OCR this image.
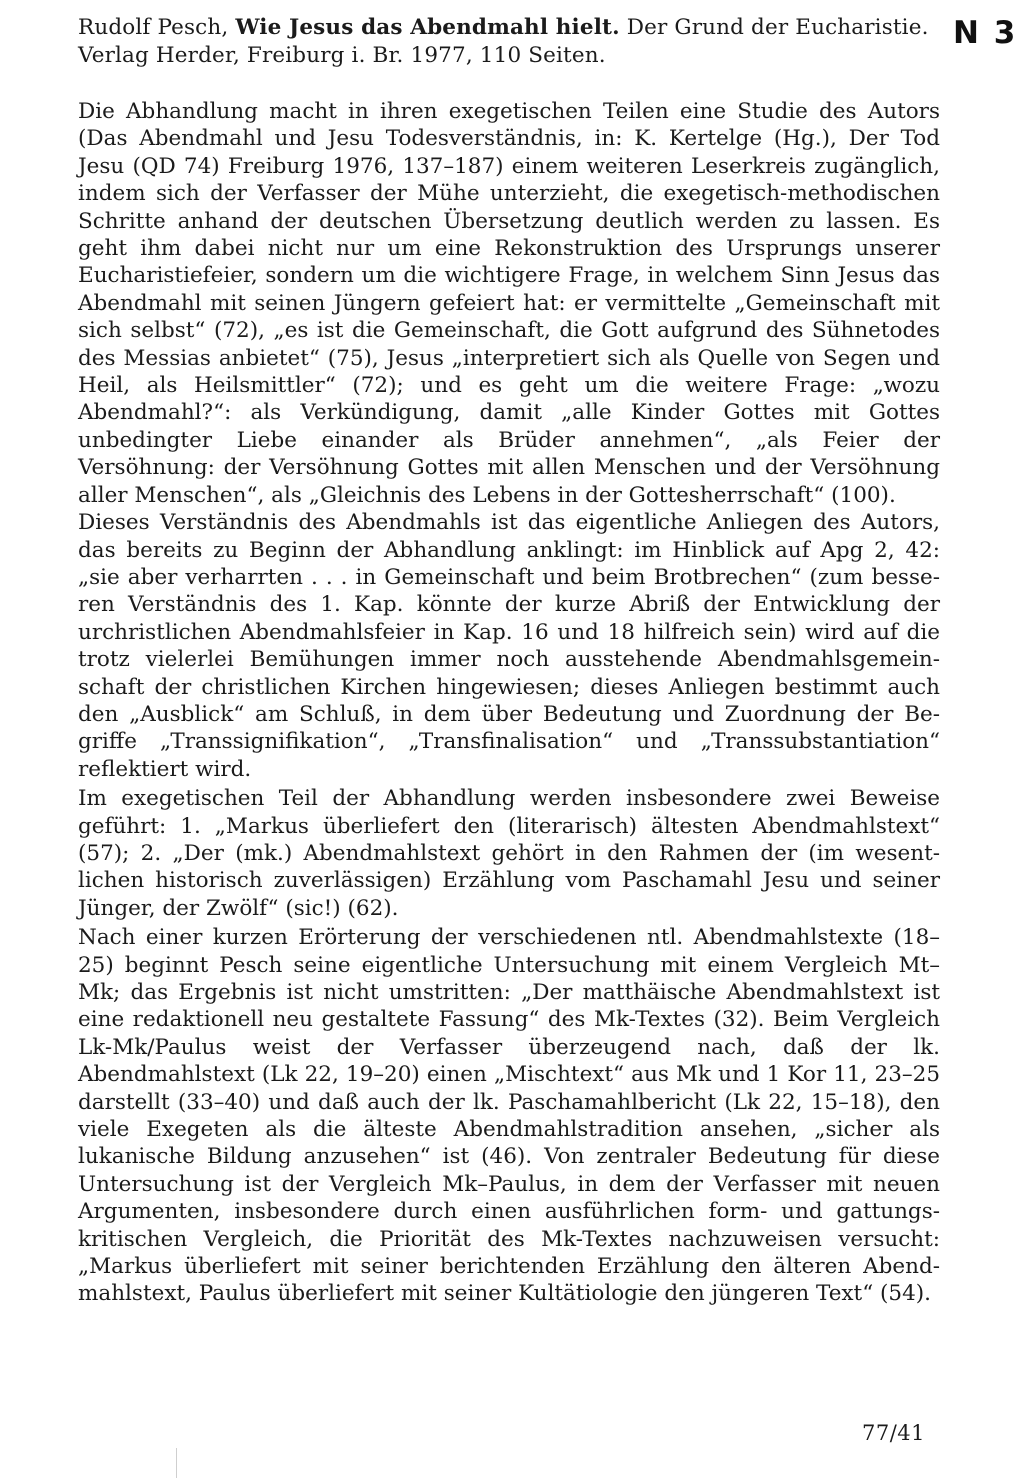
Rudolf Pesch, Wie Jesus das Abendmahl hielt. Der Grund der Eucharistie.
Verlag Herder, Freiburg i. Br. 1977, 110 Seiten.
N 3

Die Abhandlung macht in ihren exegetischen Teilen eine Studie des Autors (Das Abendmahl und Jesu Todesverständnis, in: K. Kertelge (Hg.), Der Tod Jesu (QD 74) Freiburg 1976, 137–187) einem weiteren Leserkreis zugänglich, indem sich der Verfasser der Mühe unterzieht, die exegetisch-methodischen Schritte anhand der deutschen Übersetzung deutlich werden zu lassen. Es geht ihm dabei nicht nur um eine Rekonstruktion des Ursprungs unserer Eucharistiefeier, sondern um die wichtigere Frage, in welchem Sinn Jesus das Abendmahl mit seinen Jüngern gefeiert hat: er vermittelte „Gemeinschaft mit sich selbst“ (72), „es ist die Gemeinschaft, die Gott aufgrund des Sühnetodes des Messias anbietet“ (75), Jesus „interpretiert sich als Quelle von Segen und Heil, als Heilsmittler“ (72); und es geht um die weitere Frage: „wozu Abendmahl?“: als Verkündigung, damit „alle Kinder Gottes mit Gottes unbedingter Liebe einander als Brüder annehmen“, „als Feier der Versöhnung: der Versöhnung Gottes mit allen Menschen und der Versöhnung aller Menschen“, als „Gleichnis des Lebens in der Gottesherrschaft“ (100).

Dieses Verständnis des Abendmahls ist das eigentliche Anliegen des Autors, das bereits zu Beginn der Abhandlung anklingt: im Hinblick auf Apg 2, 42: „sie aber verharrten . . . in Gemeinschaft und beim Brotbrechen“ (zum besseren Verständnis des 1. Kap. könnte der kurze Abriß der Entwicklung der urchristlichen Abendmahlsfeier in Kap. 16 und 18 hilfreich sein) wird auf die trotz vielerlei Bemühungen immer noch ausstehende Abendmahlsgemeinschaft der christlichen Kirchen hingewiesen; dieses Anliegen bestimmt auch den „Ausblick“ am Schluß, in dem über Bedeutung und Zuordnung der Begriffe „Transsignifikation“, „Transfinalisation“ und „Transsubstantiation“ reflektiert wird.

Im exegetischen Teil der Abhandlung werden insbesondere zwei Beweise geführt: 1. „Markus überliefert den (literarisch) ältesten Abendmahlstext“ (57); 2. „Der (mk.) Abendmahlstext gehört in den Rahmen der (im wesentlichen historisch zuverlässigen) Erzählung vom Paschamahl Jesu und seiner Jünger, der Zwölf“ (sic!) (62).

Nach einer kurzen Erörterung der verschiedenen ntl. Abendmahlstexte (18–25) beginnt Pesch seine eigentliche Untersuchung mit einem Vergleich Mt–Mk; das Ergebnis ist nicht umstritten: „Der matthäische Abendmahlstext ist eine redaktionell neu gestaltete Fassung“ des Mk-Textes (32). Beim Vergleich Lk-Mk/Paulus weist der Verfasser überzeugend nach, daß der lk. Abendmahlstext (Lk 22, 19–20) einen „Mischtext“ aus Mk und 1 Kor 11, 23–25 darstellt (33–40) und daß auch der lk. Paschamahlbericht (Lk 22, 15–18), den viele Exegeten als die älteste Abendmahlstradition ansehen, „sicher als lukanische Bildung anzusehen“ ist (46). Von zentraler Bedeutung für diese Untersuchung ist der Vergleich Mk–Paulus, in dem der Verfasser mit neuen Argumenten, insbesondere durch einen ausführlichen form- und gattungskritischen Vergleich, die Priorität des Mk-Textes nachzuweisen versucht: „Markus überliefert mit seiner berichtenden Erzählung den älteren Abendmahlstext, Paulus überliefert mit seiner Kultätiologie den jüngeren Text“ (54).

77/41
